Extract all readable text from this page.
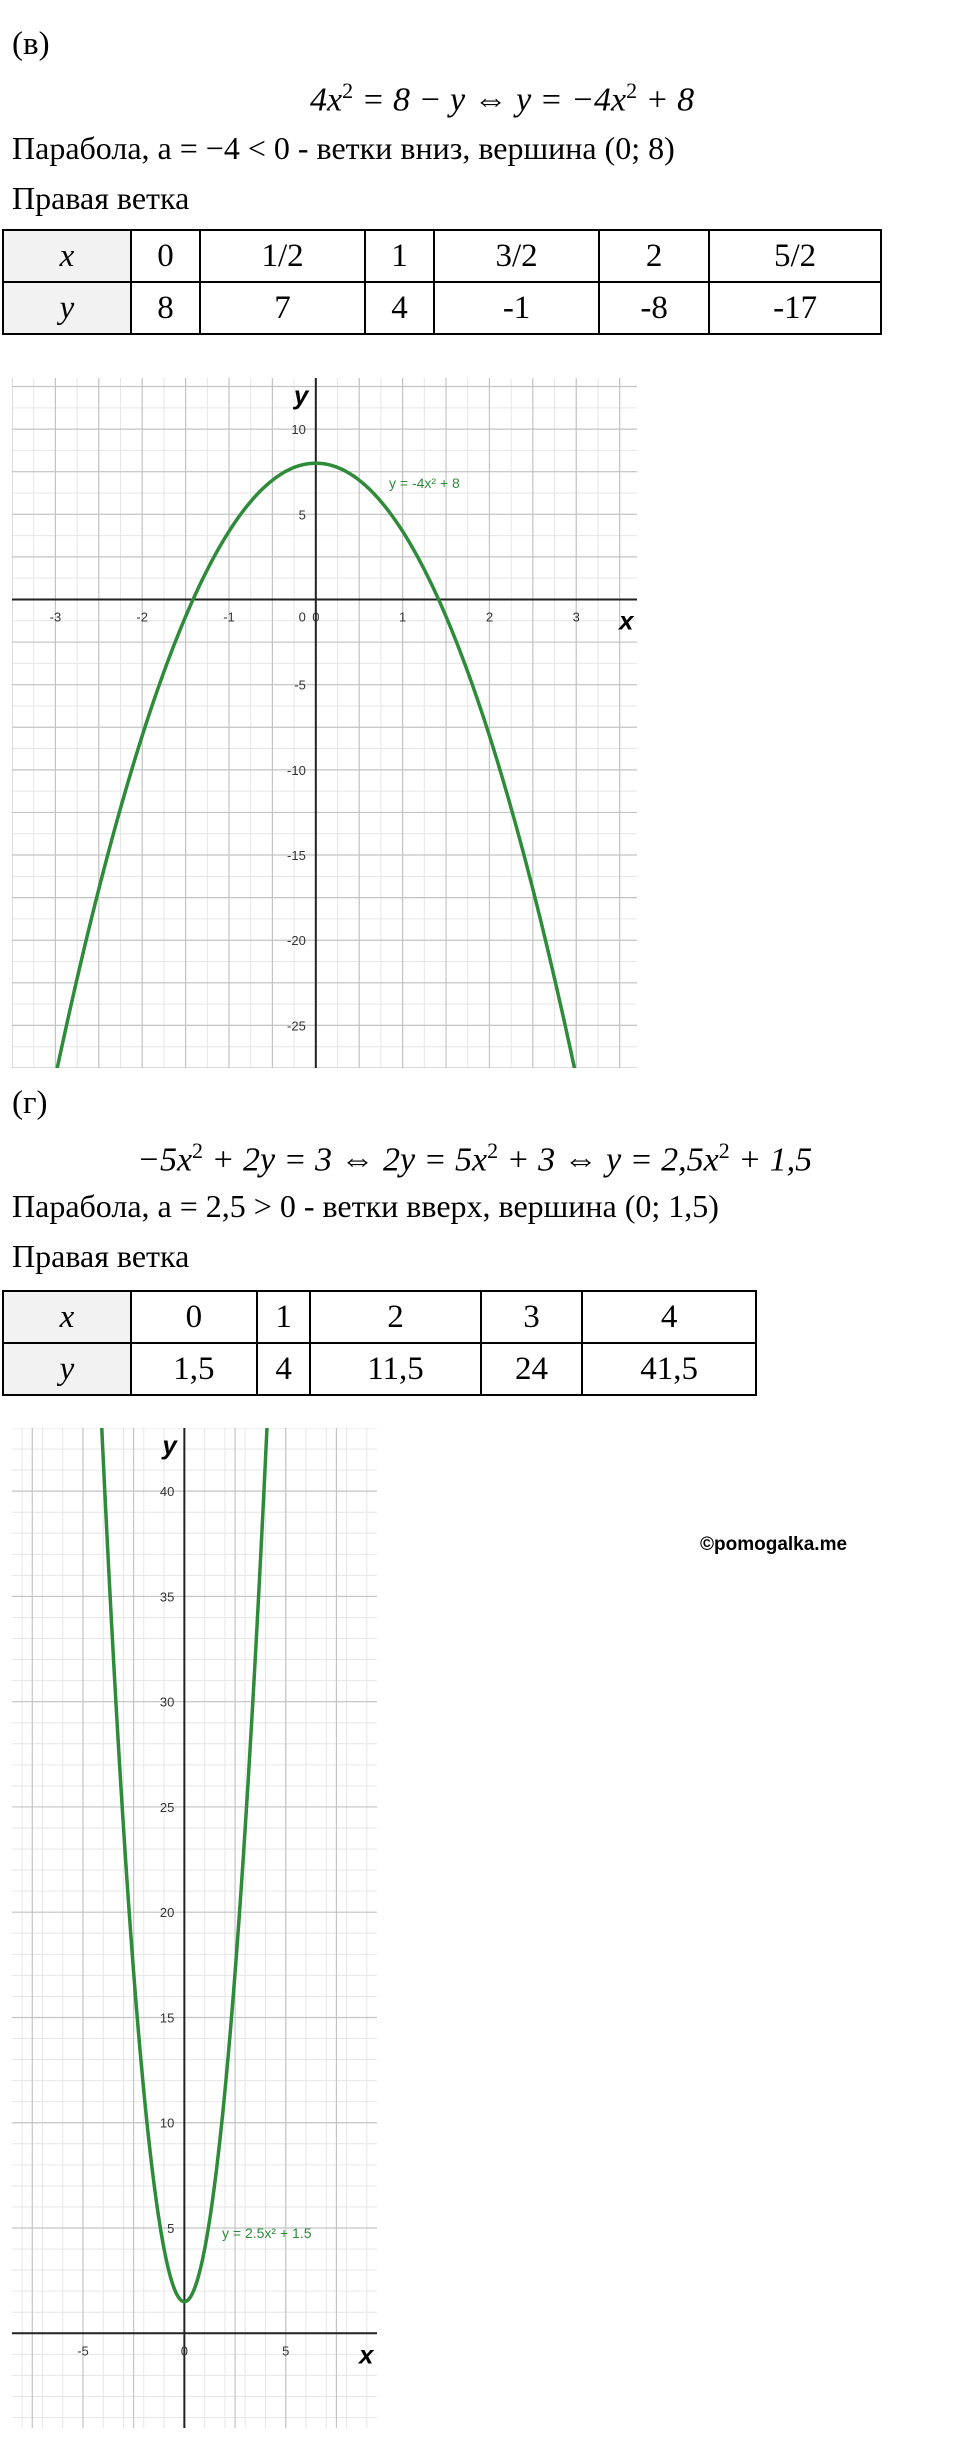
(в)
$4x^2 = 8 - y$ ⇔ $y = -4x^2 + 8$
Парабола, a = −4 < 0 - ветки вниз, вершина (0; 8)
Правая ветка
x	0	1/2	1	3/2	2	5/2
y	8	7	4	-1	-8	-17
-3	-2	-1	0	1	2	3
10
5
-5
-10
-15
-20
-25
0	x
y
y = -4x² + 8
(г)
$-5x^2 + 2y = 3$ ⇔ $2y = 5x^2 + 3$ ⇔ $y = 2,5x^2 + 1,5$
Парабола, a = 2,5 > 0 - ветки вверх, вершина (0; 1,5)
Правая ветка
x	0	1	2	3	4
y	1,5	4	11,5	24	41,5
-5	0	5
40
35
30
25
20
15
10
5
x
y
y = 2.5x² + 1.5
©pomogalka.me
